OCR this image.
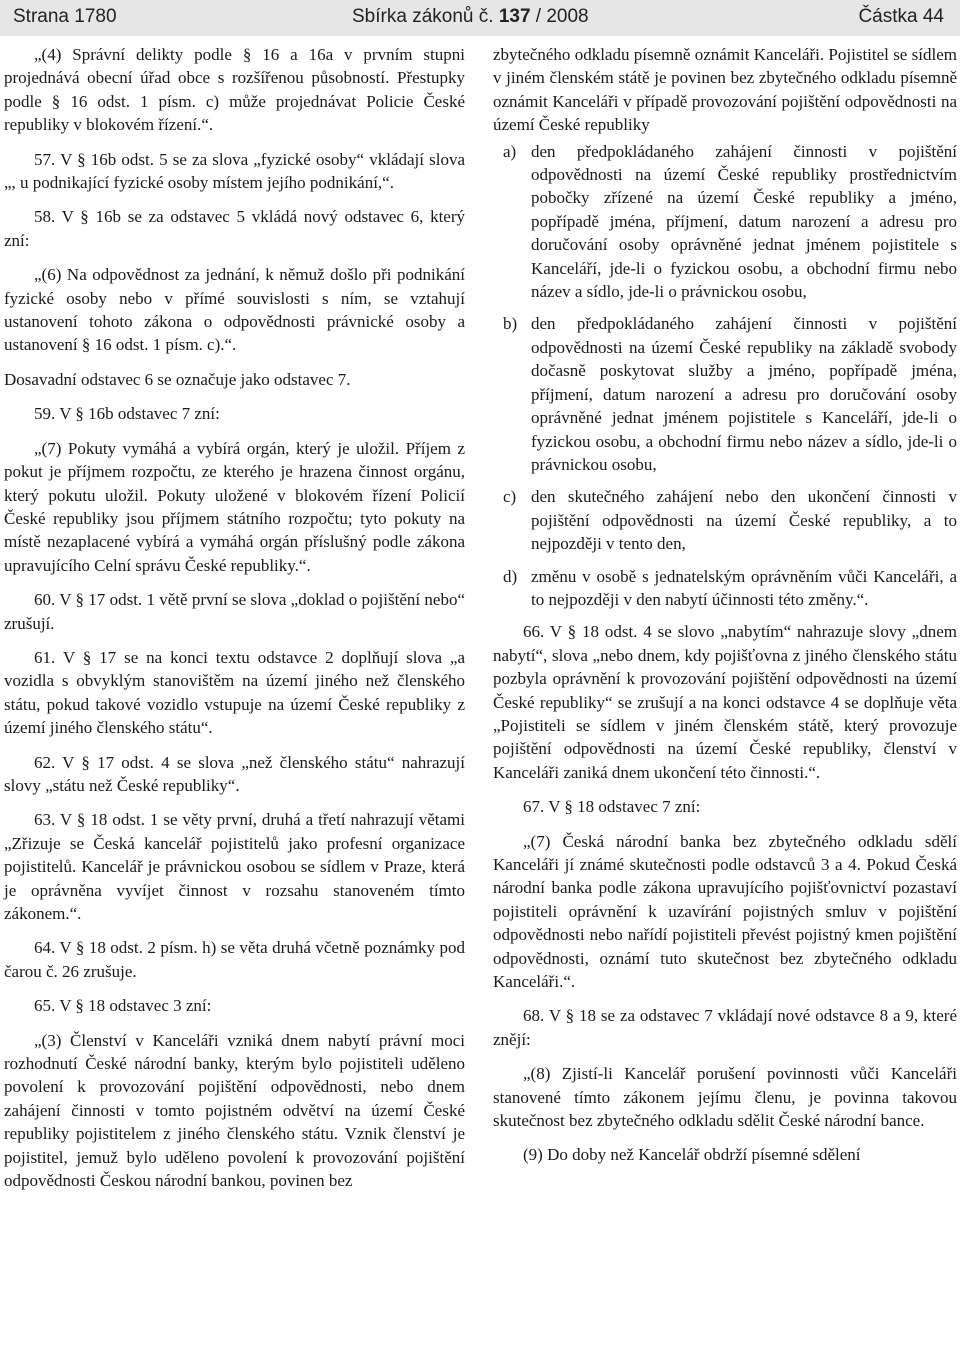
Strana 1780	Sbírka zákonů č. 137 / 2008	Částka 44

„(4) Správní delikty podle § 16 a 16a v prvním stupni projednává obecní úřad obce s rozšířenou působností. Přestupky podle § 16 odst. 1 písm. c) může projednávat Policie České republiky v blokovém řízení.“.

57. V § 16b odst. 5 se za slova „fyzické osoby“ vkládají slova „, u podnikající fyzické osoby místem jejího podnikání,“.

58. V § 16b se za odstavec 5 vkládá nový odstavec 6, který zní:

„(6) Na odpovědnost za jednání, k němuž došlo při podnikání fyzické osoby nebo v přímé souvislosti s ním, se vztahují ustanovení tohoto zákona o odpovědnosti právnické osoby a ustanovení § 16 odst. 1 písm. c).“.

Dosavadní odstavec 6 se označuje jako odstavec 7.

59. V § 16b odstavec 7 zní:

„(7) Pokuty vymáhá a vybírá orgán, který je uložil. Příjem z pokut je příjmem rozpočtu, ze kterého je hrazena činnost orgánu, který pokutu uložil. Pokuty uložené v blokovém řízení Policií České republiky jsou příjmem státního rozpočtu; tyto pokuty na místě nezaplacené vybírá a vymáhá orgán příslušný podle zákona upravujícího Celní správu České republiky.“.

60. V § 17 odst. 1 větě první se slova „doklad o pojištění nebo“ zrušují.

61. V § 17 se na konci textu odstavce 2 doplňují slova „a vozidla s obvyklým stanovištěm na území jiného než členského státu, pokud takové vozidlo vstupuje na území České republiky z území jiného členského státu“.

62. V § 17 odst. 4 se slova „než členského státu“ nahrazují slovy „státu než České republiky“.

63. V § 18 odst. 1 se věty první, druhá a třetí nahrazují větami „Zřizuje se Česká kancelář pojistitelů jako profesní organizace pojistitelů. Kancelář je právnickou osobou se sídlem v Praze, která je oprávněna vyvíjet činnost v rozsahu stanoveném tímto zákonem.“.

64. V § 18 odst. 2 písm. h) se věta druhá včetně poznámky pod čarou č. 26 zrušuje.

65. V § 18 odstavec 3 zní:

„(3) Členství v Kanceláři vzniká dnem nabytí právní moci rozhodnutí České národní banky, kterým bylo pojistiteli uděleno povolení k provozování pojištění odpovědnosti, nebo dnem zahájení činnosti v tomto pojistném odvětví na území České republiky pojistitelem z jiného členského státu. Vznik členství je pojistitel, jemuž bylo uděleno povolení k provozování pojištění odpovědnosti Českou národní bankou, povinen bez

zbytečného odkladu písemně oznámit Kanceláři. Pojistitel se sídlem v jiném členském státě je povinen bez zbytečného odkladu písemně oznámit Kanceláři v případě provozování pojištění odpovědnosti na území České republiky

a) den předpokládaného zahájení činnosti v pojištění odpovědnosti na území České republiky prostřednictvím pobočky zřízené na území České republiky a jméno, popřípadě jména, příjmení, datum narození a adresu pro doručování osoby oprávněné jednat jménem pojistitele s Kanceláří, jde-li o fyzickou osobu, a obchodní firmu nebo název a sídlo, jde-li o právnickou osobu,
b) den předpokládaného zahájení činnosti v pojištění odpovědnosti na území České republiky na základě svobody dočasně poskytovat služby a jméno, popřípadě jména, příjmení, datum narození a adresu pro doručování osoby oprávněné jednat jménem pojistitele s Kanceláří, jde-li o fyzickou osobu, a obchodní firmu nebo název a sídlo, jde-li o právnickou osobu,
c) den skutečného zahájení nebo den ukončení činnosti v pojištění odpovědnosti na území České republiky, a to nejpozději v tento den,
d) změnu v osobě s jednatelským oprávněním vůči Kanceláři, a to nejpozději v den nabytí účinnosti této změny.“.

66. V § 18 odst. 4 se slovo „nabytím“ nahrazuje slovy „dnem nabytí“, slova „nebo dnem, kdy pojišťovna z jiného členského státu pozbyla oprávnění k provozování pojištění odpovědnosti na území České republiky“ se zrušují a na konci odstavce 4 se doplňuje věta „Pojistiteli se sídlem v jiném členském státě, který provozuje pojištění odpovědnosti na území České republiky, členství v Kanceláři zaniká dnem ukončení této činnosti.“.

67. V § 18 odstavec 7 zní:

„(7) Česká národní banka bez zbytečného odkladu sdělí Kanceláři jí známé skutečnosti podle odstavců 3 a 4. Pokud Česká národní banka podle zákona upravujícího pojišťovnictví pozastaví pojistiteli oprávnění k uzavírání pojistných smluv v pojištění odpovědnosti nebo nařídí pojistiteli převést pojistný kmen pojištění odpovědnosti, oznámí tuto skutečnost bez zbytečného odkladu Kanceláři.“.

68. V § 18 se za odstavec 7 vkládají nové odstavce 8 a 9, které znějí:

„(8) Zjistí-li Kancelář porušení povinnosti vůči Kanceláři stanovené tímto zákonem jejímu členu, je povinna takovou skutečnost bez zbytečného odkladu sdělit České národní bance.

(9) Do doby než Kancelář obdrží písemné sdělení
